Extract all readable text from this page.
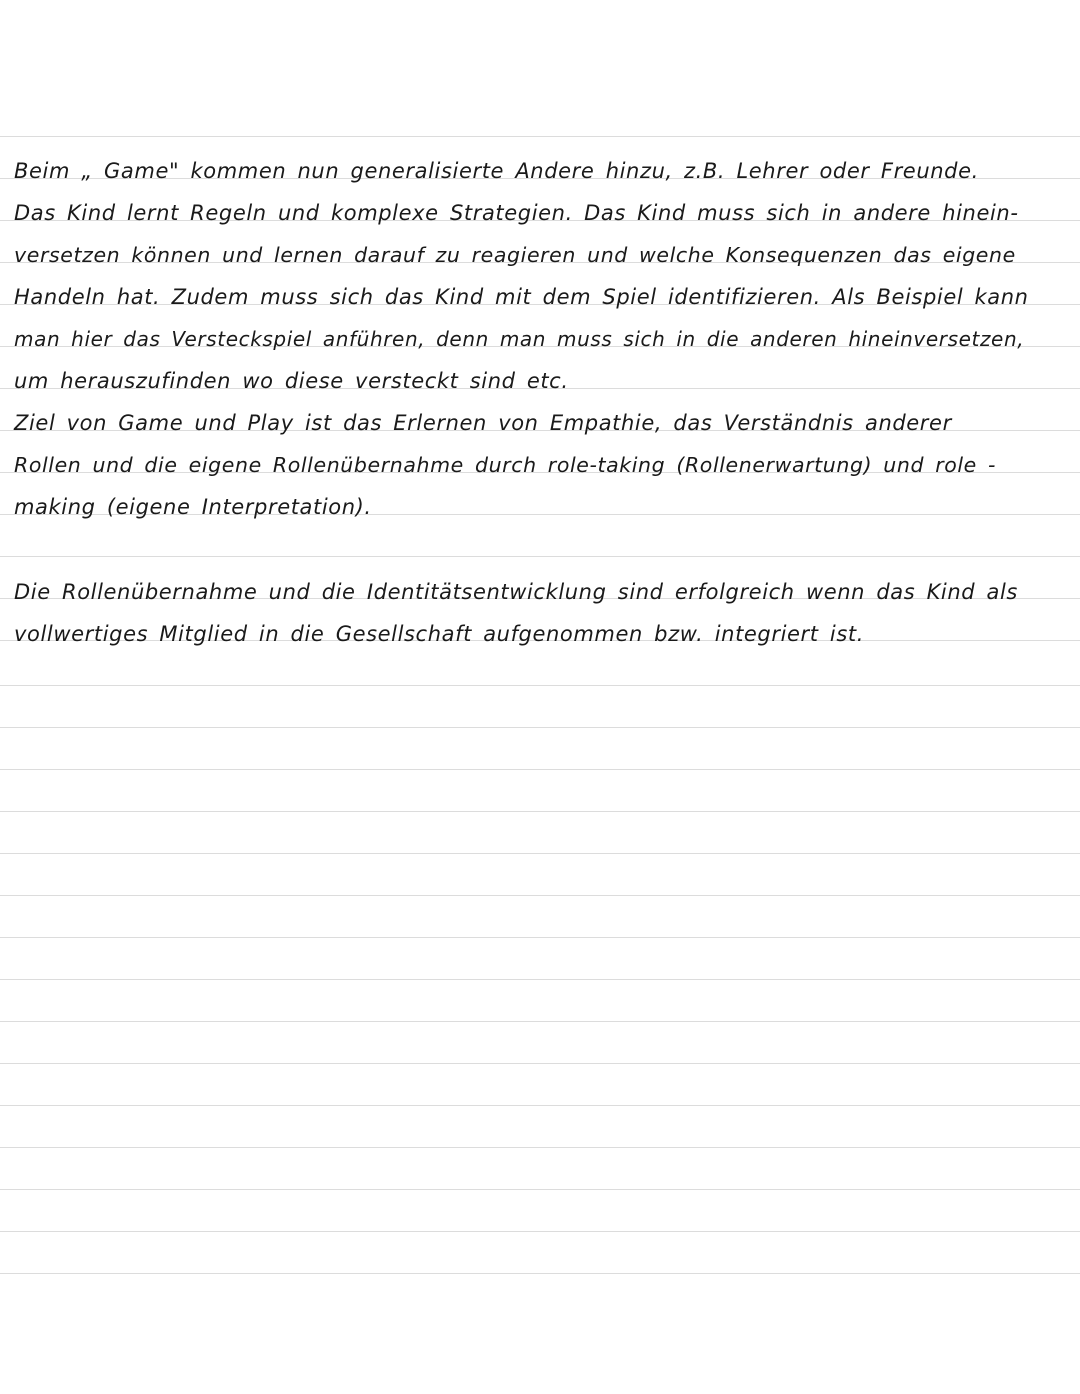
Beim „ Game" kommen nun generalisierte Andere hinzu, z.B. Lehrer oder Freunde.
Das Kind lernt Regeln und komplexe Strategien. Das Kind muss sich in andere hinein-
versetzen können und lernen darauf zu reagieren und welche Konsequenzen das eigene
Handeln hat. Zudem muss sich das Kind mit dem Spiel identifizieren. Als Beispiel kann
man hier das Versteckspiel anführen, denn man muss sich in die anderen hineinversetzen,
um herauszufinden wo diese versteckt sind etc.
Ziel von Game und Play ist das Erlernen von Empathie, das Verständnis anderer
Rollen und die eigene Rollenübernahme durch role-taking (Rollenerwartung) und role -
making (eigene Interpretation).
Die Rollenübernahme und die Identitätsentwicklung sind erfolgreich wenn das Kind als
vollwertiges Mitglied in die Gesellschaft aufgenommen bzw. integriert ist.
